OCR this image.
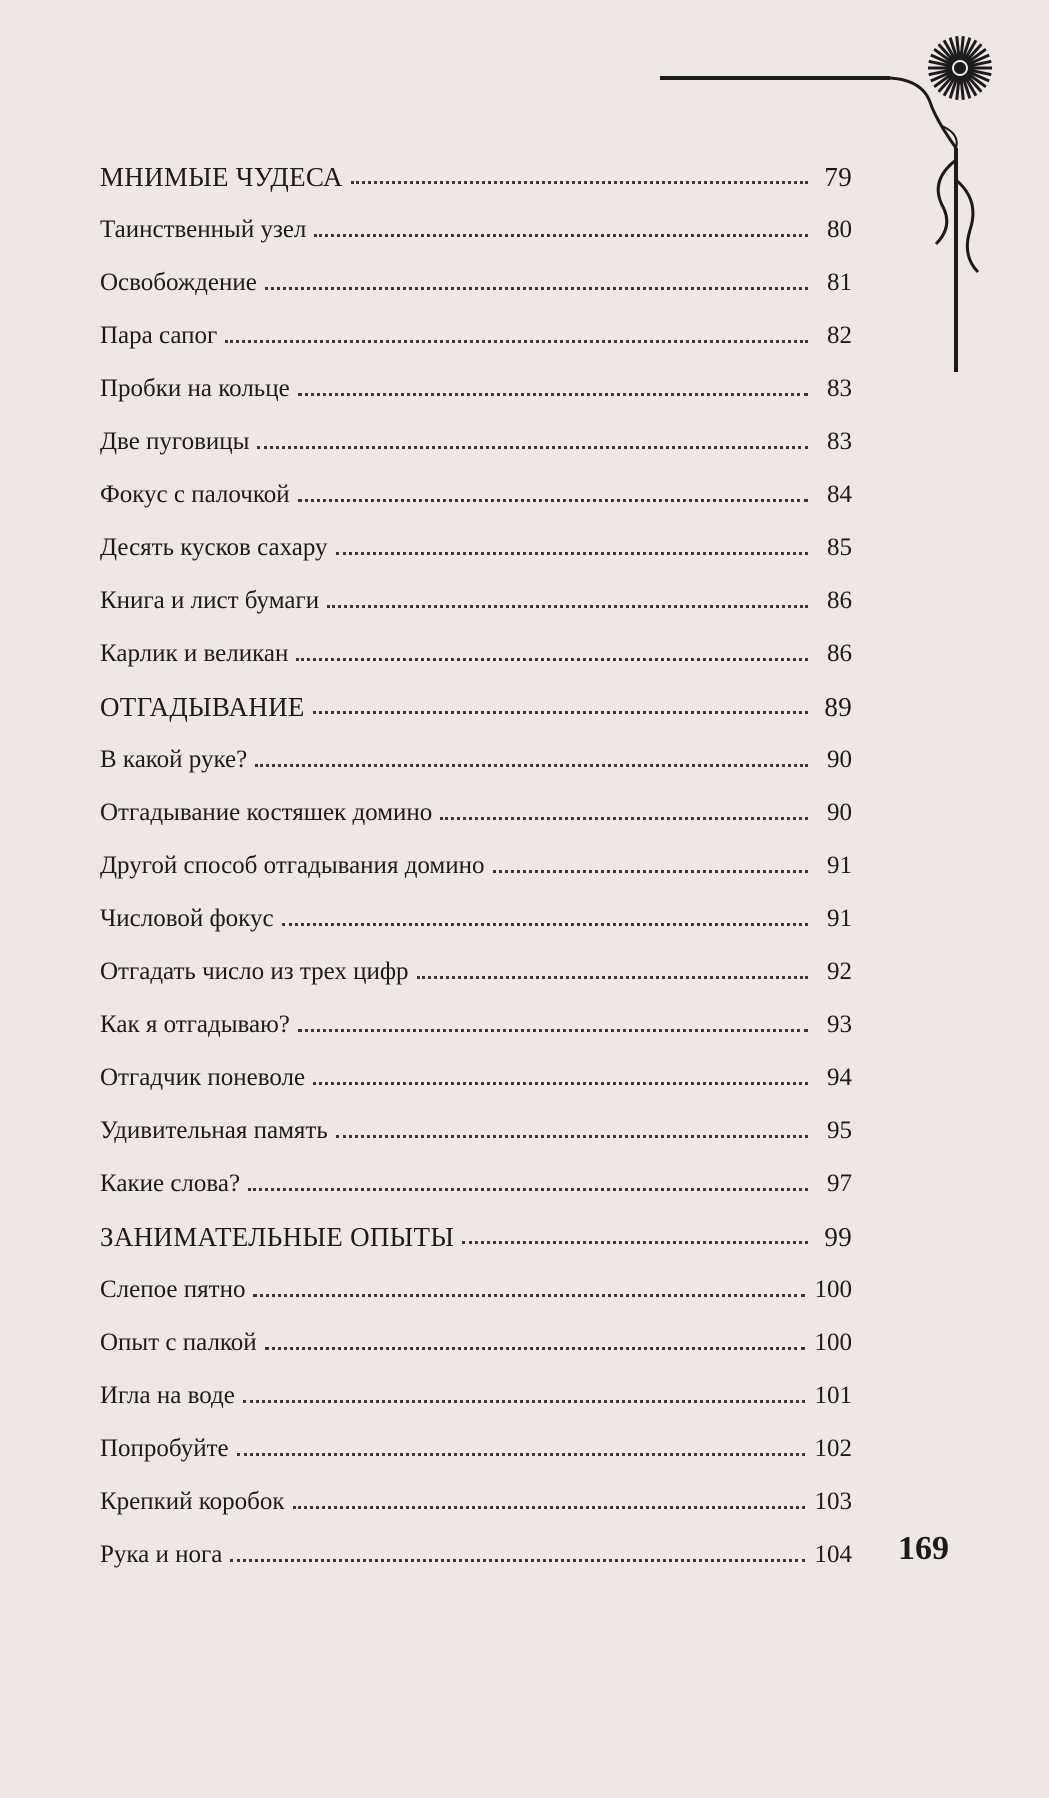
МНИМЫЕ ЧУДЕСА	79
Таинственный узел	80
Освобождение	81
Пара сапог	82
Пробки на кольце	83
Две пуговицы	83
Фокус с палочкой	84
Десять кусков сахару	85
Книга и лист бумаги	86
Карлик и великан	86
ОТГАДЫВАНИЕ	89
В какой руке?	90
Отгадывание костяшек домино	90
Другой способ отгадывания домино	91
Числовой фокус	91
Отгадать число из трех цифр	92
Как я отгадываю?	93
Отгадчик поневоле	94
Удивительная память	95
Какие слова?	97
ЗАНИМАТЕЛЬНЫЕ ОПЫТЫ	99
Слепое пятно	100
Опыт с палкой	100
Игла на воде	101
Попробуйте	102
Крепкий коробок	103
Рука и нога	104 169
